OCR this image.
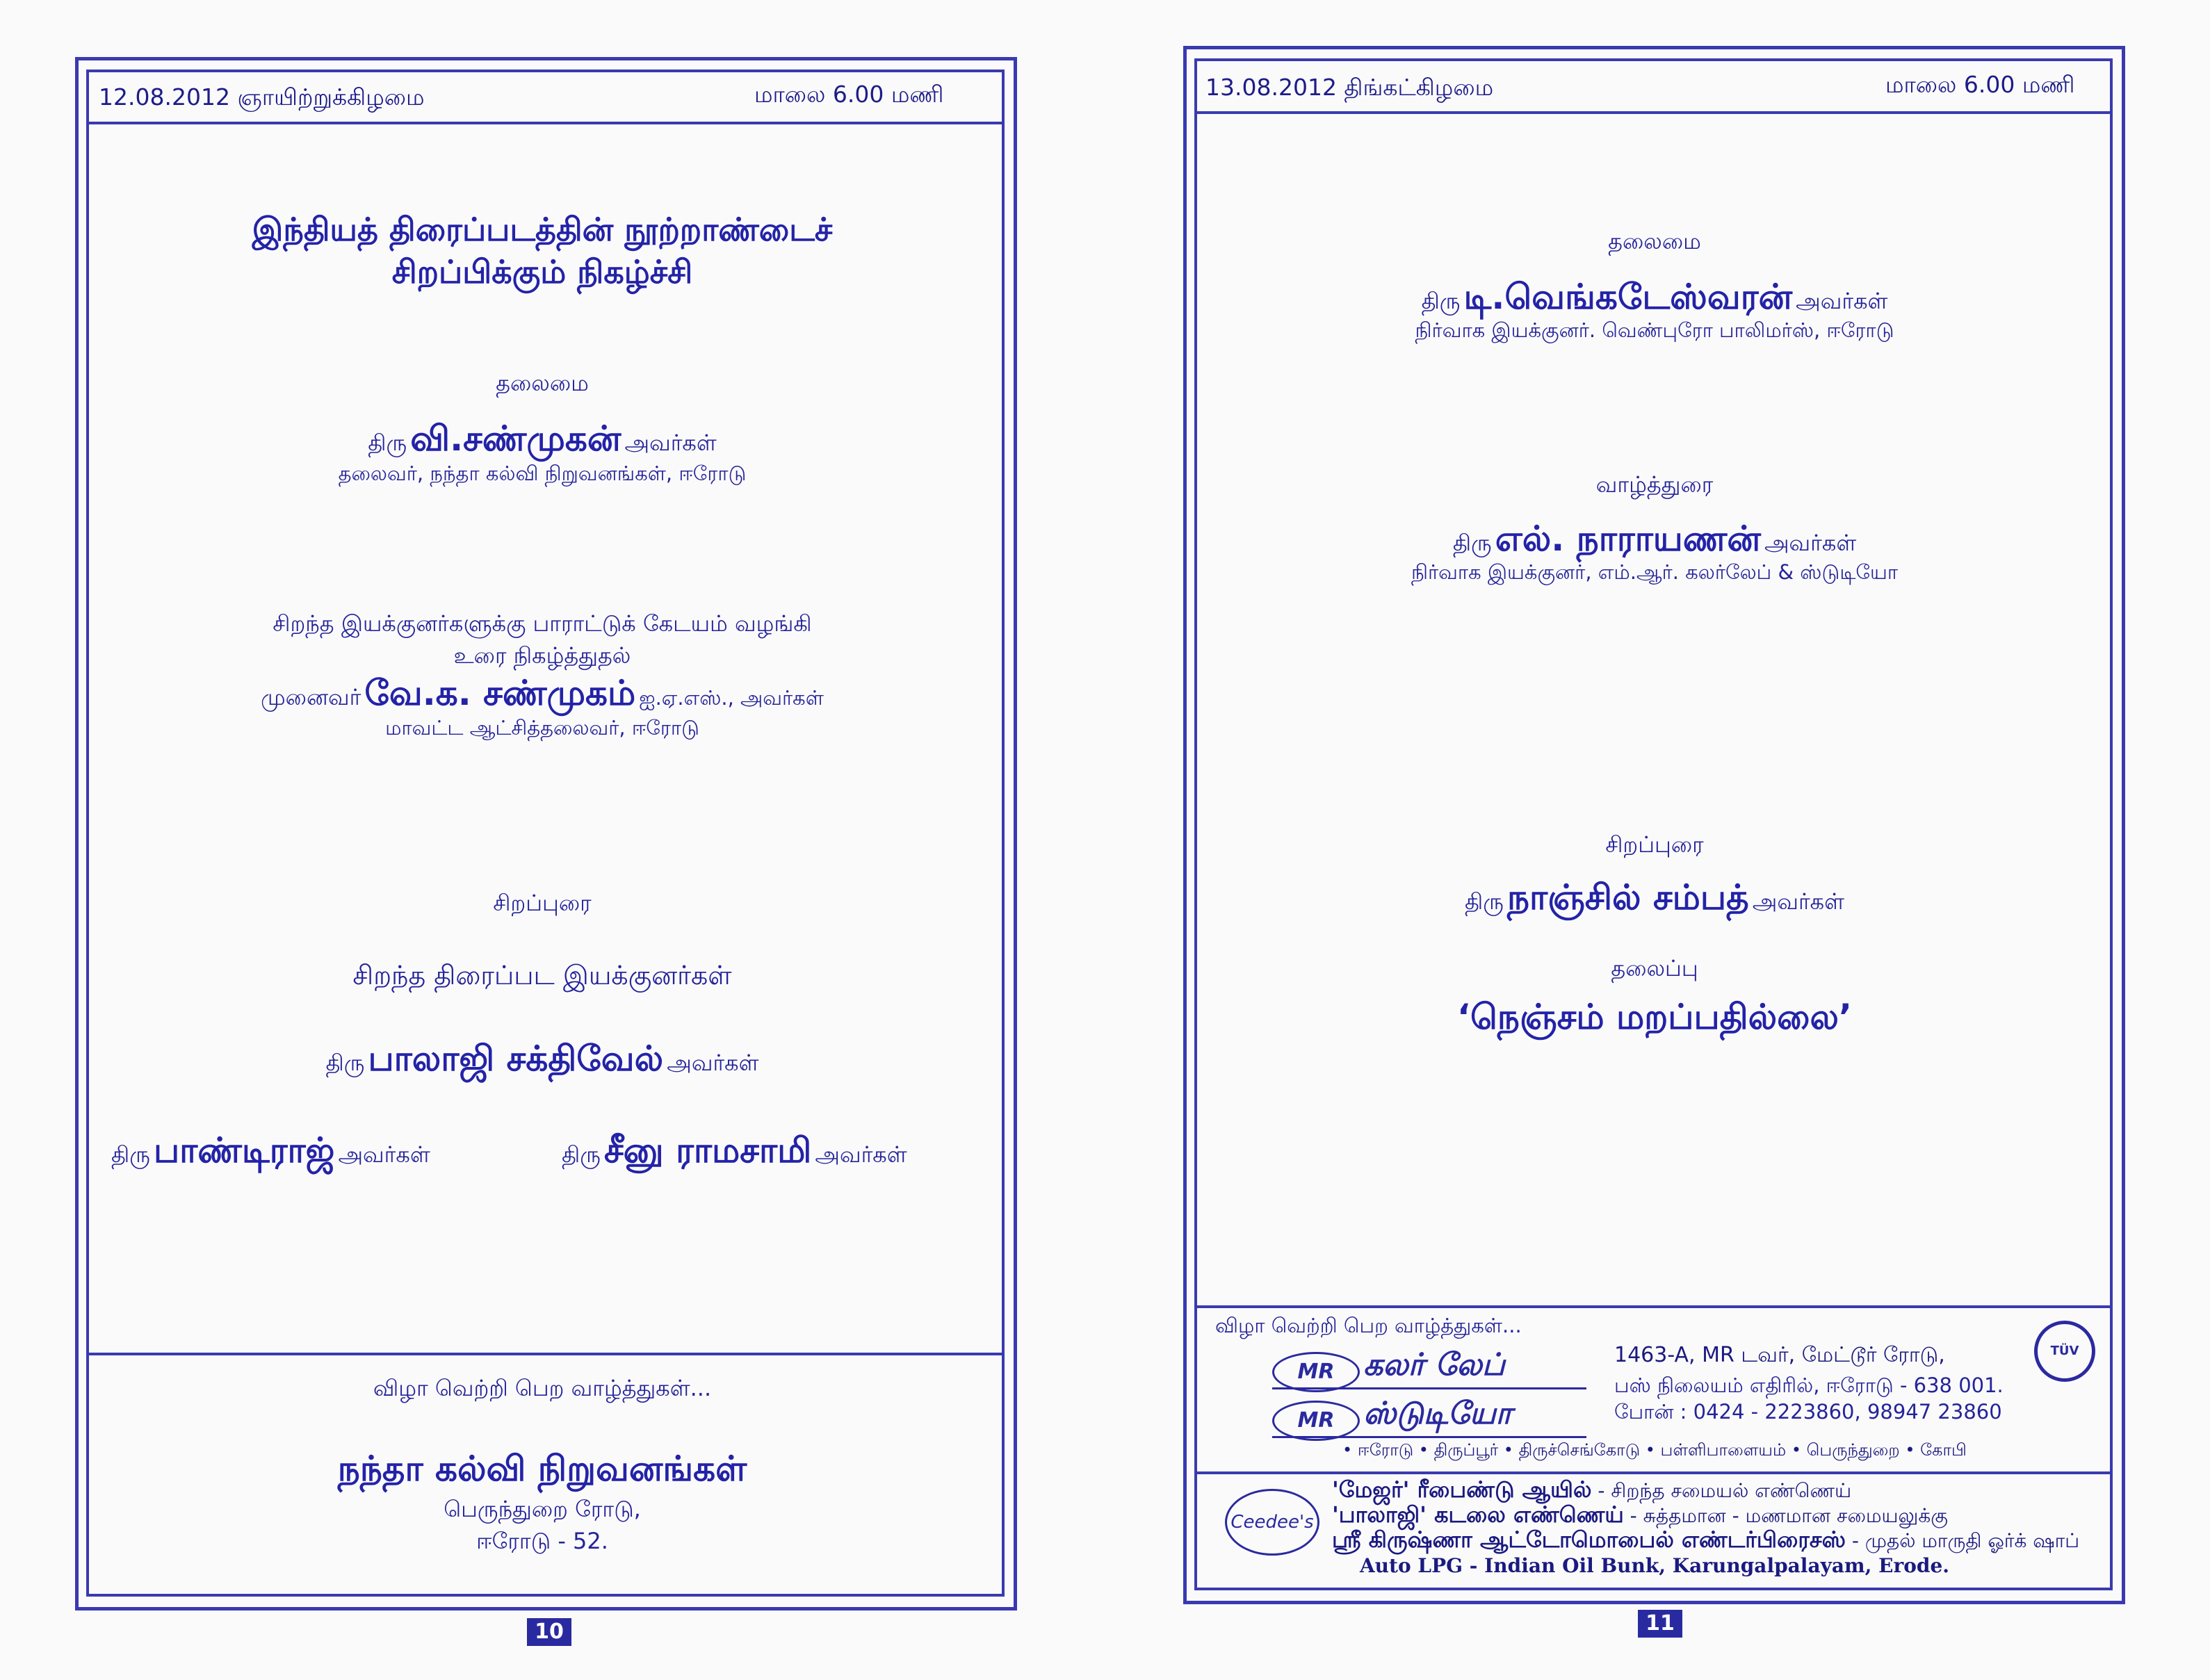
12.08.2012 ஞாயிற்றுக்கிழமை	மாலை 6.00 மணி
இந்தியத் திரைப்படத்தின் நூற்றாண்டைச்
சிறப்பிக்கும் நிகழ்ச்சி
தலைமை
திரு வி.சண்முகன் அவர்கள்
தலைவர், நந்தா கல்வி நிறுவனங்கள், ஈரோடு
சிறந்த இயக்குனர்களுக்கு பாராட்டுக் கேடயம் வழங்கி
உரை நிகழ்த்துதல்
முனைவர் வே.க. சண்முகம் ஐ.ஏ.எஸ்., அவர்கள்
மாவட்ட ஆட்சித்தலைவர், ஈரோடு
சிறப்புரை
சிறந்த திரைப்பட இயக்குனர்கள்
திரு பாலாஜி சக்திவேல் அவர்கள்
திரு பாண்டிராஜ் அவர்கள்	திரு சீனு ராமசாமி அவர்கள்
விழா வெற்றி பெற வாழ்த்துகள்...
நந்தா கல்வி நிறுவனங்கள்
பெருந்துறை ரோடு,
ஈரோடு - 52.
10
13.08.2012 திங்கட்கிழமை	மாலை 6.00 மணி
தலைமை
திரு டி.வெங்கடேஸ்வரன் அவர்கள்
நிர்வாக இயக்குனர். வெண்புரோ பாலிமர்ஸ், ஈரோடு
வாழ்த்துரை
திரு எல். நாராயணன் அவர்கள்
நிர்வாக இயக்குனர், எம்.ஆர். கலர்லேப் & ஸ்டுடியோ
சிறப்புரை
திரு நாஞ்சில் சம்பத் அவர்கள்
தலைப்பு
‘நெஞ்சம் மறப்பதில்லை’
விழா வெற்றி பெற வாழ்த்துகள்...
MR கலர் லேப்
MR ஸ்டுடியோ
1463-A, MR டவர், மேட்டூர் ரோடு,
பஸ் நிலையம் எதிரில், ஈரோடு - 638 001.
போன் : 0424 - 2223860, 98947 23860
TÜV
• ஈரோடு • திருப்பூர் • திருச்செங்கோடு • பள்ளிபாளையம் • பெருந்துறை • கோபி
Ceedee's
'மேஜர்' ரீபைண்டு ஆயில் - சிறந்த சமையல் எண்ணெய்
'பாலாஜி' கடலை எண்ணெய் - சுத்தமான - மணமான சமையலுக்கு
ஸ்ரீ கிருஷ்ணா ஆட்டோமொபைல் எண்டர்பிரைசஸ் - முதல் மாருதி ஓர்க் ஷாப்
Auto LPG - Indian Oil Bunk, Karungalpalayam, Erode.
11
